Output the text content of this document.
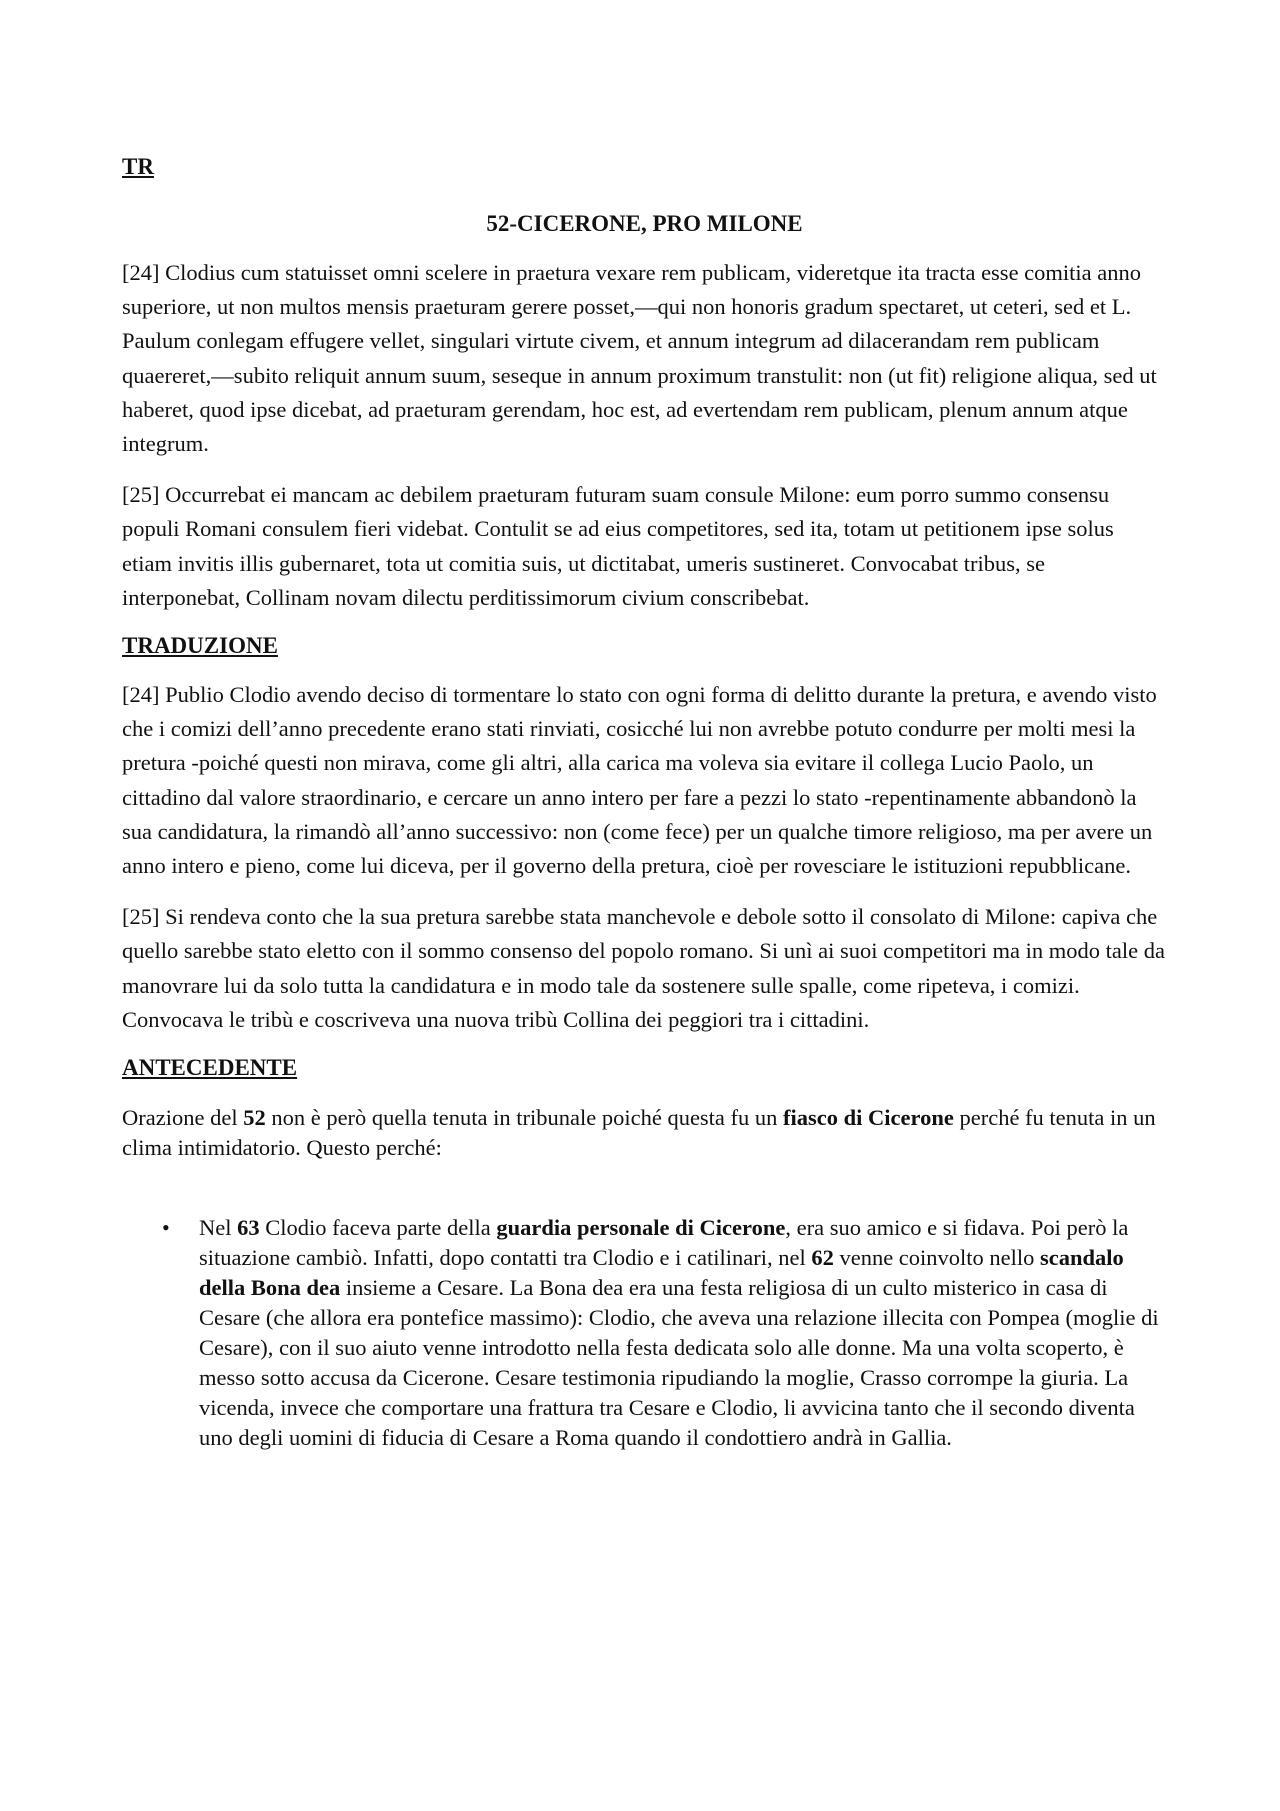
TR

52-CICERONE, PRO MILONE

[24] Clodius cum statuisset omni scelere in praetura vexare rem publicam, videretque ita tracta esse comitia anno superiore, ut non multos mensis praeturam gerere posset,—qui non honoris gradum spectaret, ut ceteri, sed et L. Paulum conlegam effugere vellet, singulari virtute civem, et annum integrum ad dilacerandam rem publicam quaereret,—subito reliquit annum suum, seseque in annum proximum transtulit: non (ut fit) religione aliqua, sed ut haberet, quod ipse dicebat, ad praeturam gerendam, hoc est, ad evertendam rem publicam, plenum annum atque integrum.

[25] Occurrebat ei mancam ac debilem praeturam futuram suam consule Milone: eum porro summo consensu populi Romani consulem fieri videbat. Contulit se ad eius competitores, sed ita, totam ut petitionem ipse solus etiam invitis illis gubernaret, tota ut comitia suis, ut dictitabat, umeris sustineret. Convocabat tribus, se interponebat, Collinam novam dilectu perditissimorum civium conscribebat.

TRADUZIONE

[24] Publio Clodio avendo deciso di tormentare lo stato con ogni forma di delitto durante la pretura, e avendo visto che i comizi dell’anno precedente erano stati rinviati, cosicché lui non avrebbe potuto condurre per molti mesi la pretura -poiché questi non mirava, come gli altri, alla carica ma voleva sia evitare il collega Lucio Paolo, un cittadino dal valore straordinario, e cercare un anno intero per fare a pezzi lo stato -repentinamente abbandonò la sua candidatura, la rimandò all’anno successivo: non (come fece) per un qualche timore religioso, ma per avere un anno intero e pieno, come lui diceva, per il governo della pretura, cioè per rovesciare le istituzioni repubblicane.

[25] Si rendeva conto che la sua pretura sarebbe stata manchevole e debole sotto il consolato di Milone: capiva che quello sarebbe stato eletto con il sommo consenso del popolo romano. Si unì ai suoi competitori ma in modo tale da manovrare lui da solo tutta la candidatura e in modo tale da sostenere sulle spalle, come ripeteva, i comizi. Convocava le tribù e coscriveva una nuova tribù Collina dei peggiori tra i cittadini.

ANTECEDENTE

Orazione del 52 non è però quella tenuta in tribunale poiché questa fu un fiasco di Cicerone perché fu tenuta in un clima intimidatorio. Questo perché:

• Nel 63 Clodio faceva parte della guardia personale di Cicerone, era suo amico e si fidava. Poi però la situazione cambiò. Infatti, dopo contatti tra Clodio e i catilinari, nel 62 venne coinvolto nello scandalo della Bona dea insieme a Cesare. La Bona dea era una festa religiosa di un culto misterico in casa di Cesare (che allora era pontefice massimo): Clodio, che aveva una relazione illecita con Pompea (moglie di Cesare), con il suo aiuto venne introdotto nella festa dedicata solo alle donne. Ma una volta scoperto, è messo sotto accusa da Cicerone. Cesare testimonia ripudiando la moglie, Crasso corrompe la giuria. La vicenda, invece che comportare una frattura tra Cesare e Clodio, li avvicina tanto che il secondo diventa uno degli uomini di fiducia di Cesare a Roma quando il condottiero andrà in Gallia.
